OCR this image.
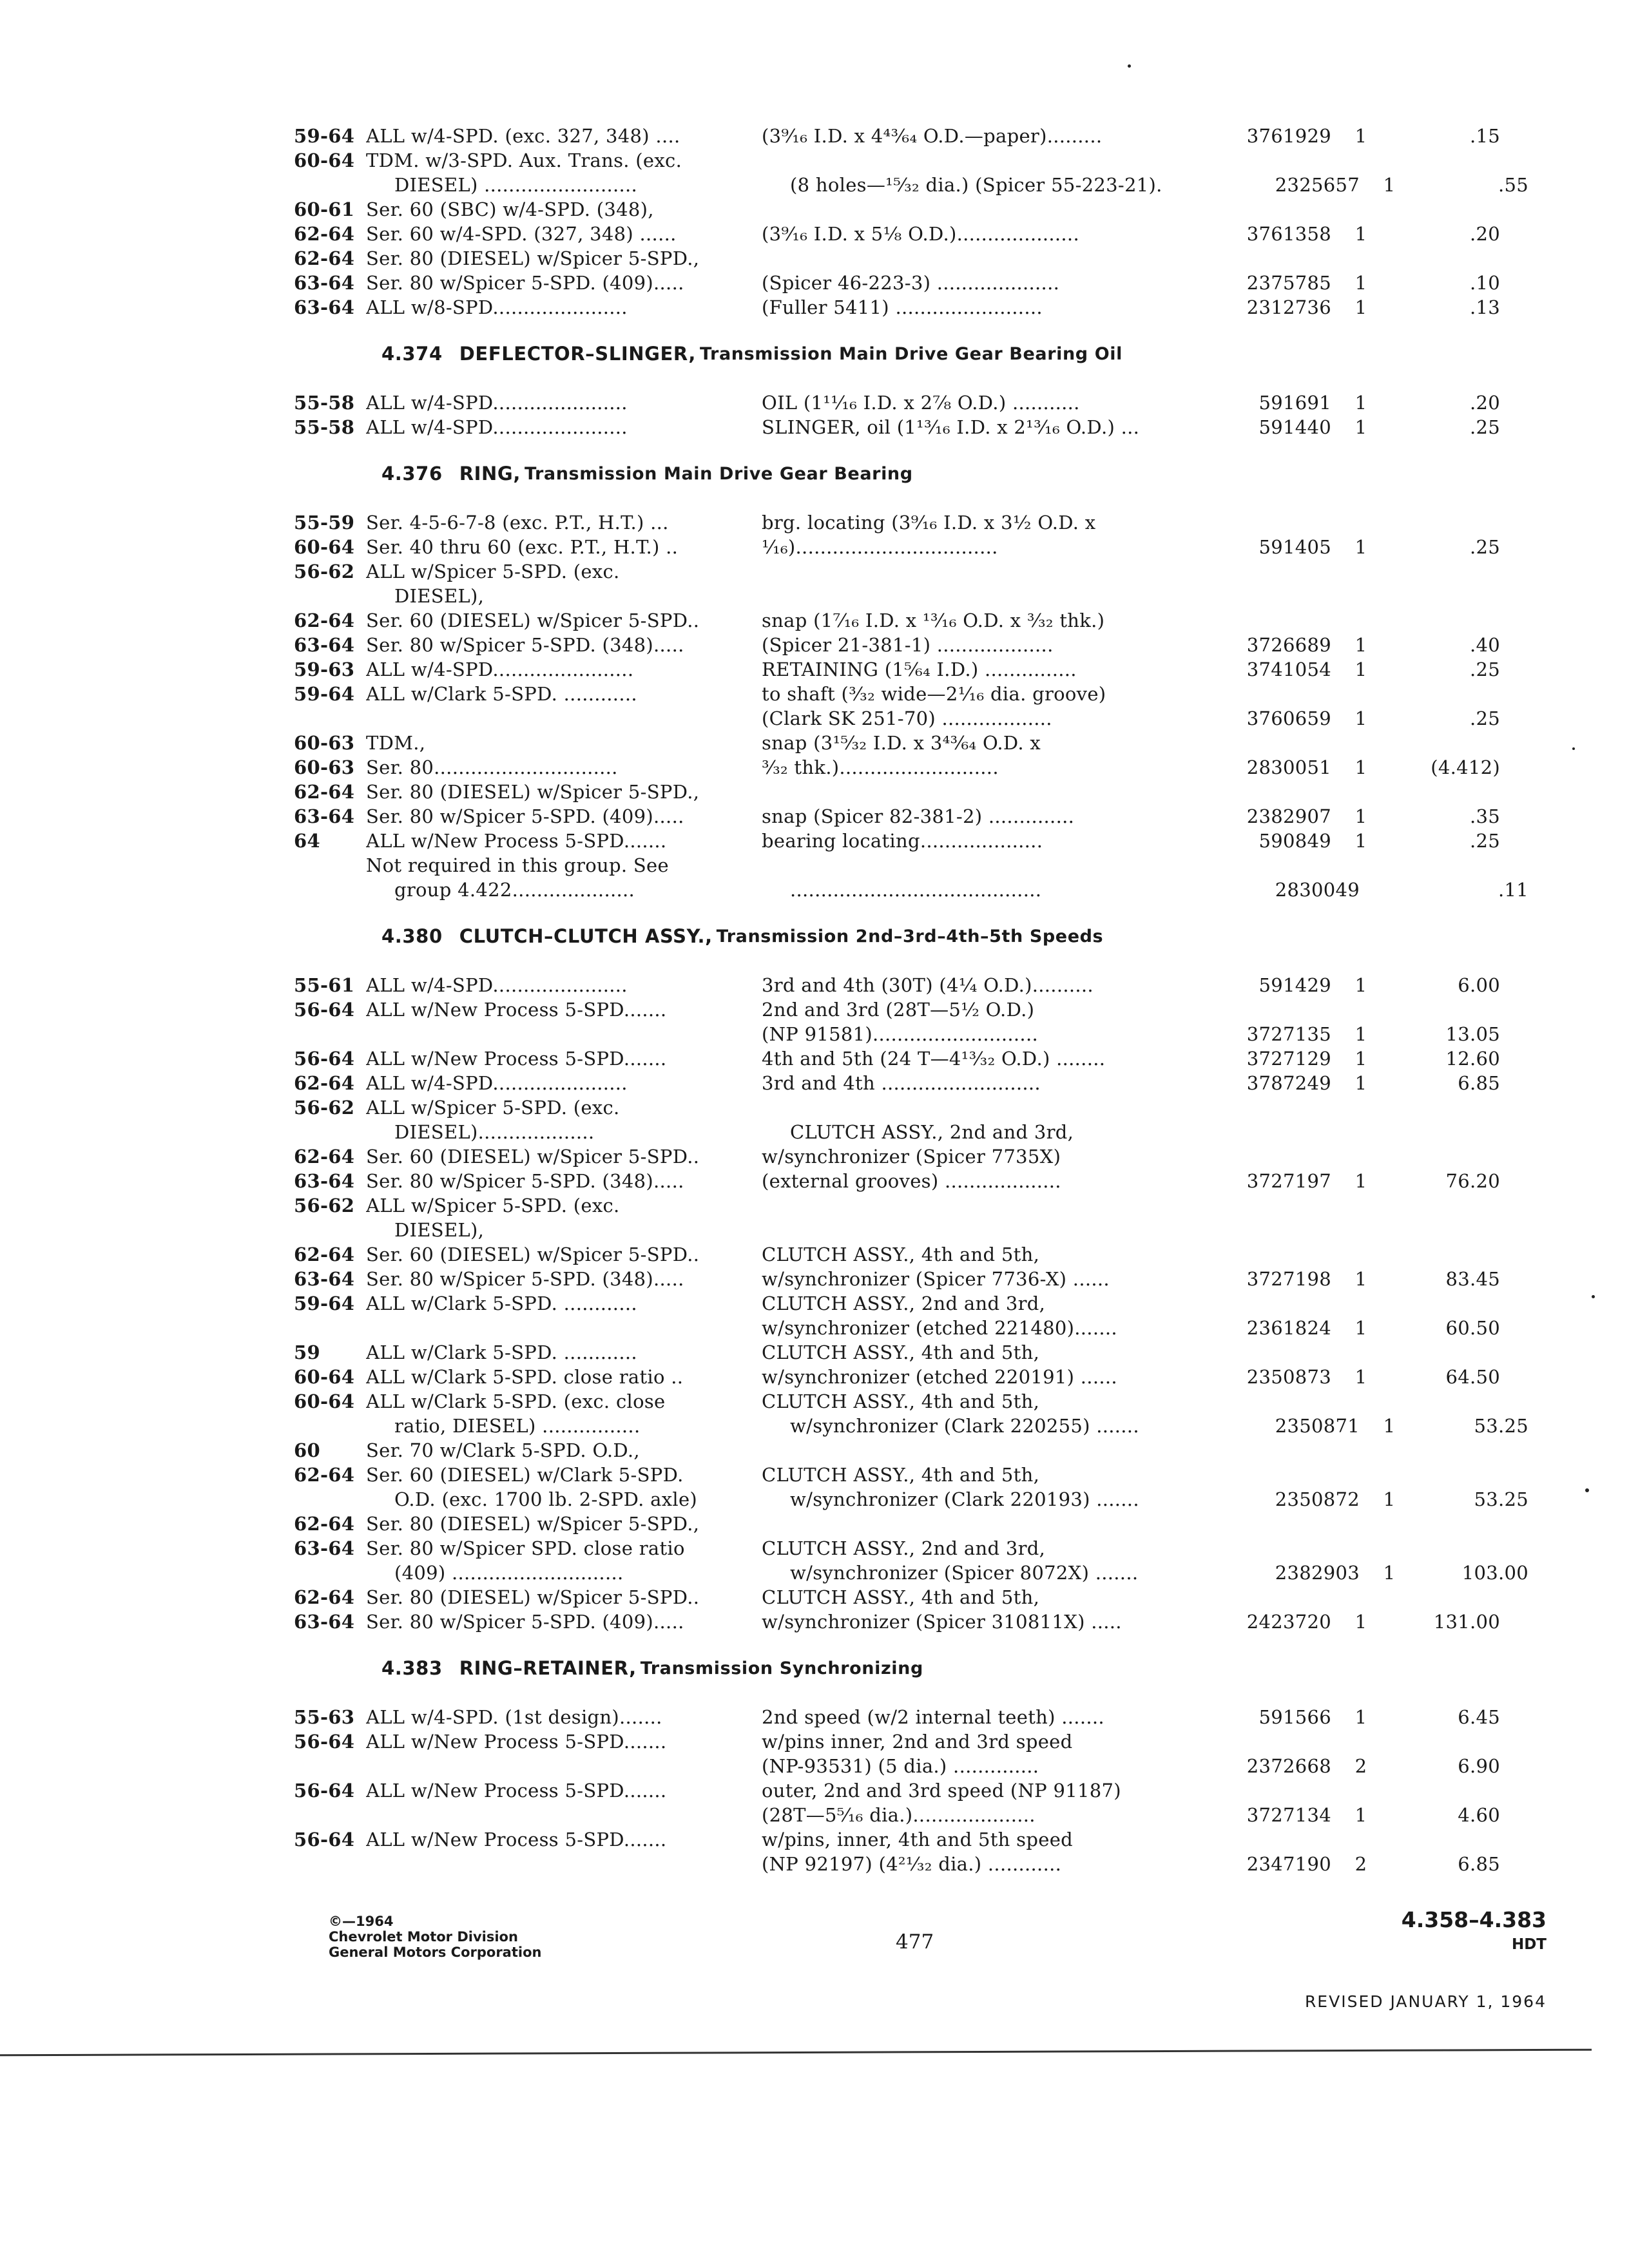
59-64 ALL w/4-SPD. (exc. 327, 348) ....	(3⁹⁄₁₆ I.D. x 4⁴³⁄₆₄ O.D.—paper).........	3761929	1	.15
60-64 TDM. w/3-SPD. Aux. Trans. (exc.
DIESEL) .........................	(8 holes—¹⁵⁄₃₂ dia.) (Spicer 55-223-21).	2325657	1	.55
60-61 Ser. 60 (SBC) w/4-SPD. (348),
62-64 Ser. 60 w/4-SPD. (327, 348) ......	(3⁹⁄₁₆ I.D. x 5¹⁄₈ O.D.)....................	3761358	1	.20
62-64 Ser. 80 (DIESEL) w/Spicer 5-SPD.,
63-64 Ser. 80 w/Spicer 5-SPD. (409).....	(Spicer 46-223-3) ....................	2375785	1	.10
63-64 ALL w/8-SPD......................	(Fuller 5411) ........................	2312736	1	.13
4.374 DEFLECTOR–SLINGER, Transmission Main Drive Gear Bearing Oil
55-58 ALL w/4-SPD......................	OIL (1¹¹⁄₁₆ I.D. x 2⁷⁄₈ O.D.) ...........	591691	1	.20
55-58 ALL w/4-SPD......................	SLINGER, oil (1¹³⁄₁₆ I.D. x 2¹³⁄₁₆ O.D.) ...	591440	1	.25
4.376 RING, Transmission Main Drive Gear Bearing
55-59 Ser. 4-5-6-7-8 (exc. P.T., H.T.) ...	brg. locating (3⁹⁄₁₆ I.D. x 3¹⁄₂ O.D. x
60-64 Ser. 40 thru 60 (exc. P.T., H.T.) ..	¹⁄₁₆).................................	591405	1	.25
56-62 ALL w/Spicer 5-SPD. (exc.
DIESEL),
62-64 Ser. 60 (DIESEL) w/Spicer 5-SPD..	snap (1⁷⁄₁₆ I.D. x ¹³⁄₁₆ O.D. x ³⁄₃₂ thk.)
63-64 Ser. 80 w/Spicer 5-SPD. (348).....	(Spicer 21-381-1) ...................	3726689	1	.40
59-63 ALL w/4-SPD.......................	RETAINING (1⁵⁄₆₄ I.D.) ...............	3741054	1	.25
59-64 ALL w/Clark 5-SPD. ............	to shaft (³⁄₃₂ wide—2¹⁄₁₆ dia. groove)
(Clark SK 251-70) ..................	3760659	1	.25
60-63 TDM.,	snap (3¹⁵⁄₃₂ I.D. x 3⁴³⁄₆₄ O.D. x
60-63 Ser. 80..............................	³⁄₃₂ thk.)..........................	2830051	1	(4.412)
62-64 Ser. 80 (DIESEL) w/Spicer 5-SPD.,
63-64 Ser. 80 w/Spicer 5-SPD. (409).....	snap (Spicer 82-381-2) ..............	2382907	1	.35
64	ALL w/New Process 5-SPD.......	bearing locating....................	590849	1	.25
Not required in this group. See
group 4.422....................	.........................................	2830049	.11
4.380 CLUTCH–CLUTCH ASSY., Transmission 2nd–3rd–4th–5th Speeds
55-61 ALL w/4-SPD......................	3rd and 4th (30T) (4¹⁄₄ O.D.)..........	591429	1	6.00
56-64 ALL w/New Process 5-SPD.......	2nd and 3rd (28T—5¹⁄₂ O.D.)
(NP 91581)...........................	3727135	1	13.05
56-64 ALL w/New Process 5-SPD.......	4th and 5th (24 T—4¹³⁄₃₂ O.D.) ........	3727129	1	12.60
62-64 ALL w/4-SPD......................	3rd and 4th ..........................	3787249	1	6.85
56-62 ALL w/Spicer 5-SPD. (exc.
DIESEL)...................	CLUTCH ASSY., 2nd and 3rd,
62-64 Ser. 60 (DIESEL) w/Spicer 5-SPD..	w/synchronizer (Spicer 7735X)
63-64 Ser. 80 w/Spicer 5-SPD. (348).....	(external grooves) ...................	3727197	1	76.20
56-62 ALL w/Spicer 5-SPD. (exc.
DIESEL),
62-64 Ser. 60 (DIESEL) w/Spicer 5-SPD..	CLUTCH ASSY., 4th and 5th,
63-64 Ser. 80 w/Spicer 5-SPD. (348).....	w/synchronizer (Spicer 7736-X) ......	3727198	1	83.45
59-64 ALL w/Clark 5-SPD. ............	CLUTCH ASSY., 2nd and 3rd,
w/synchronizer (etched 221480).......	2361824	1	60.50
59	ALL w/Clark 5-SPD. ............	CLUTCH ASSY., 4th and 5th,
60-64 ALL w/Clark 5-SPD. close ratio ..	w/synchronizer (etched 220191) ......	2350873	1	64.50
60-64 ALL w/Clark 5-SPD. (exc. close	CLUTCH ASSY., 4th and 5th,
ratio, DIESEL) ................	w/synchronizer (Clark 220255) .......	2350871	1	53.25
60	Ser. 70 w/Clark 5-SPD. O.D.,
62-64 Ser. 60 (DIESEL) w/Clark 5-SPD.	CLUTCH ASSY., 4th and 5th,
O.D. (exc. 1700 lb. 2-SPD. axle)	w/synchronizer (Clark 220193) .......	2350872	1	53.25
62-64 Ser. 80 (DIESEL) w/Spicer 5-SPD.,
63-64 Ser. 80 w/Spicer SPD. close ratio	CLUTCH ASSY., 2nd and 3rd,
(409) ............................	w/synchronizer (Spicer 8072X) .......	2382903	1	103.00
62-64 Ser. 80 (DIESEL) w/Spicer 5-SPD..	CLUTCH ASSY., 4th and 5th,
63-64 Ser. 80 w/Spicer 5-SPD. (409).....	w/synchronizer (Spicer 310811X) .....	2423720	1	131.00
4.383 RING–RETAINER, Transmission Synchronizing
55-63 ALL w/4-SPD. (1st design).......	2nd speed (w/2 internal teeth) .......	591566	1	6.45
56-64 ALL w/New Process 5-SPD.......	w/pins inner, 2nd and 3rd speed
(NP-93531) (5 dia.) ..............	2372668	2	6.90
56-64 ALL w/New Process 5-SPD.......	outer, 2nd and 3rd speed (NP 91187)
(28T—5⁵⁄₁₆ dia.)....................	3727134	1	4.60
56-64 ALL w/New Process 5-SPD.......	w/pins, inner, 4th and 5th speed
(NP 92197) (4²¹⁄₃₂ dia.) ............	2347190	2	6.85
©—1964
Chevrolet Motor Division
General Motors Corporation	477
4.358–4.383
HDT
REVISED JANUARY 1, 1964
